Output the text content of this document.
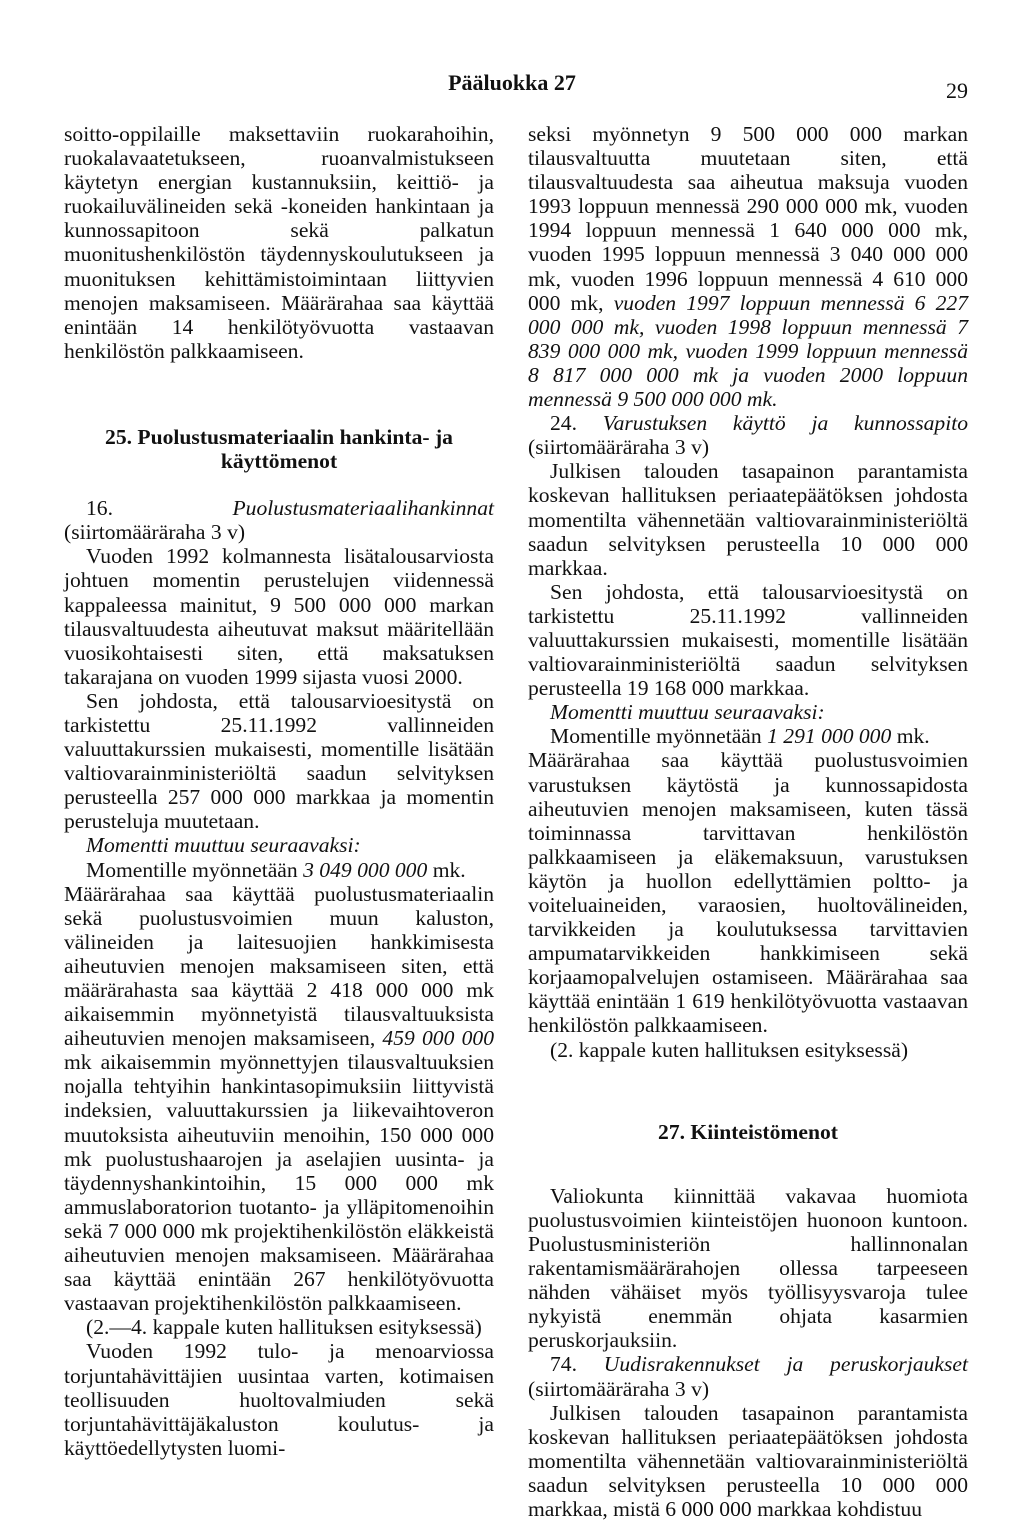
Pääluokka 27	29

soitto-oppilaille maksettaviin ruokarahoihin, ruokalavaatetukseen, ruoanvalmistukseen käytetyn energian kustannuksiin, keittiö- ja ruokailuvälineiden sekä -koneiden hankintaan ja kunnossapitoon sekä palkatun muonitushenkilöstön täydennyskoulutukseen ja muonituksen kehittämistoimintaan liittyvien menojen maksamiseen. Määrärahaa saa käyttää enintään 14 henkilötyövuotta vastaavan henkilöstön palkkaamiseen.

25. Puolustusmateriaalin hankinta- ja käyttömenot

16.	Puolustusmateriaalihankinnat (siirtomääräraha 3 v)

Vuoden 1992 kolmannesta lisätalousarviosta johtuen momentin perustelujen viidennessä kappaleessa mainitut, 9 500 000 000 markan tilausvaltuudesta aiheutuvat maksut määritellään vuosikohtaisesti siten, että maksatuksen takarajana on vuoden 1999 sijasta vuosi 2000.

Sen johdosta, että talousarvioesitystä on tarkistettu 25.11.1992 vallinneiden valuuttakurssien mukaisesti, momentille lisätään valtiovarainministeriöltä saadun selvityksen perusteella 257 000 000 markkaa ja momentin perusteluja muutetaan.

Momentti muuttuu seuraavaksi:

Momentille myönnetään 3 049 000 000 mk.

Määrärahaa saa käyttää puolustusmateriaalin sekä puolustusvoimien muun kaluston, välineiden ja laitesuojien hankkimisesta aiheutuvien menojen maksamiseen siten, että määrärahasta saa käyttää 2 418 000 000 mk aikaisemmin myönnetyistä tilausvaltuuksista aiheutuvien menojen maksamiseen, 459 000 000 mk aikaisemmin myönnettyjen tilausvaltuuksien nojalla tehtyihin hankintasopimuksiin liittyvistä indeksien, valuuttakurssien ja liikevaihtoveron muutoksista aiheutuviin menoihin, 150 000 000 mk puolustushaarojen ja aselajien uusinta- ja täydennyshankintoihin, 15 000 000 mk ammuslaboratorion tuotanto- ja ylläpitomenoihin sekä 7 000 000 mk projektihenkilöstön eläkkeistä aiheutuvien menojen maksamiseen. Määrärahaa saa käyttää enintään 267 henkilötyövuotta vastaavan projektihenkilöstön palkkaamiseen.

(2.—4. kappale kuten hallituksen esityksessä)

Vuoden 1992 tulo- ja menoarviossa torjuntahävittäjien uusintaa varten, kotimaisen teollisuuden huoltovalmiuden sekä torjuntahävittäjäkaluston koulutus- ja käyttöedellytysten luomi-

seksi myönnetyn 9 500 000 000 markan tilausvaltuutta muutetaan siten, että tilausvaltuudesta saa aiheutua maksuja vuoden 1993 loppuun mennessä 290 000 000 mk, vuoden 1994 loppuun mennessä 1 640 000 000 mk, vuoden 1995 loppuun mennessä 3 040 000 000 mk, vuoden 1996 loppuun mennessä 4 610 000 000 mk, vuoden 1997 loppuun mennessä 6 227 000 000 mk, vuoden 1998 loppuun mennessä 7 839 000 000 mk, vuoden 1999 loppuun mennessä 8 817 000 000 mk ja vuoden 2000 loppuun mennessä 9 500 000 000 mk.

24. Varustuksen käyttö ja kunnossapito (siirtomääräraha 3 v)

Julkisen talouden tasapainon parantamista koskevan hallituksen periaatepäätöksen johdosta momentilta vähennetään valtiovarainministeriöltä saadun selvityksen perusteella 10 000 000 markkaa.

Sen johdosta, että talousarvioesitystä on tarkistettu 25.11.1992 vallinneiden valuuttakurssien mukaisesti, momentille lisätään valtiovarainministeriöltä saadun selvityksen perusteella 19 168 000 markkaa.

Momentti muuttuu seuraavaksi:

Momentille myönnetään 1 291 000 000 mk.

Määrärahaa saa käyttää puolustusvoimien varustuksen käytöstä ja kunnossapidosta aiheutuvien menojen maksamiseen, kuten tässä toiminnassa tarvittavan henkilöstön palkkaamiseen ja eläkemaksuun, varustuksen käytön ja huollon edellyttämien poltto- ja voiteluaineiden, varaosien, huoltovälineiden, tarvikkeiden ja koulutuksessa tarvittavien ampumatarvikkeiden hankkimiseen sekä korjaamopalvelujen ostamiseen. Määrärahaa saa käyttää enintään 1 619 henkilötyövuotta vastaavan henkilöstön palkkaamiseen.

(2. kappale kuten hallituksen esityksessä)

27. Kiinteistömenot

Valiokunta kiinnittää vakavaa huomiota puolustusvoimien kiinteistöjen huonoon kuntoon. Puolustusministeriön hallinnonalan rakentamismäärärahojen ollessa tarpeeseen nähden vähäiset myös työllisyysvaroja tulee nykyistä enemmän ohjata kasarmien peruskorjauksiin.

74. Uudisrakennukset ja peruskorjaukset (siirtomääräraha 3 v)

Julkisen talouden tasapainon parantamista koskevan hallituksen periaatepäätöksen johdosta momentilta vähennetään valtiovarainministeriöltä saadun selvityksen perusteella 10 000 000 markkaa, mistä 6 000 000 markkaa kohdistuu
